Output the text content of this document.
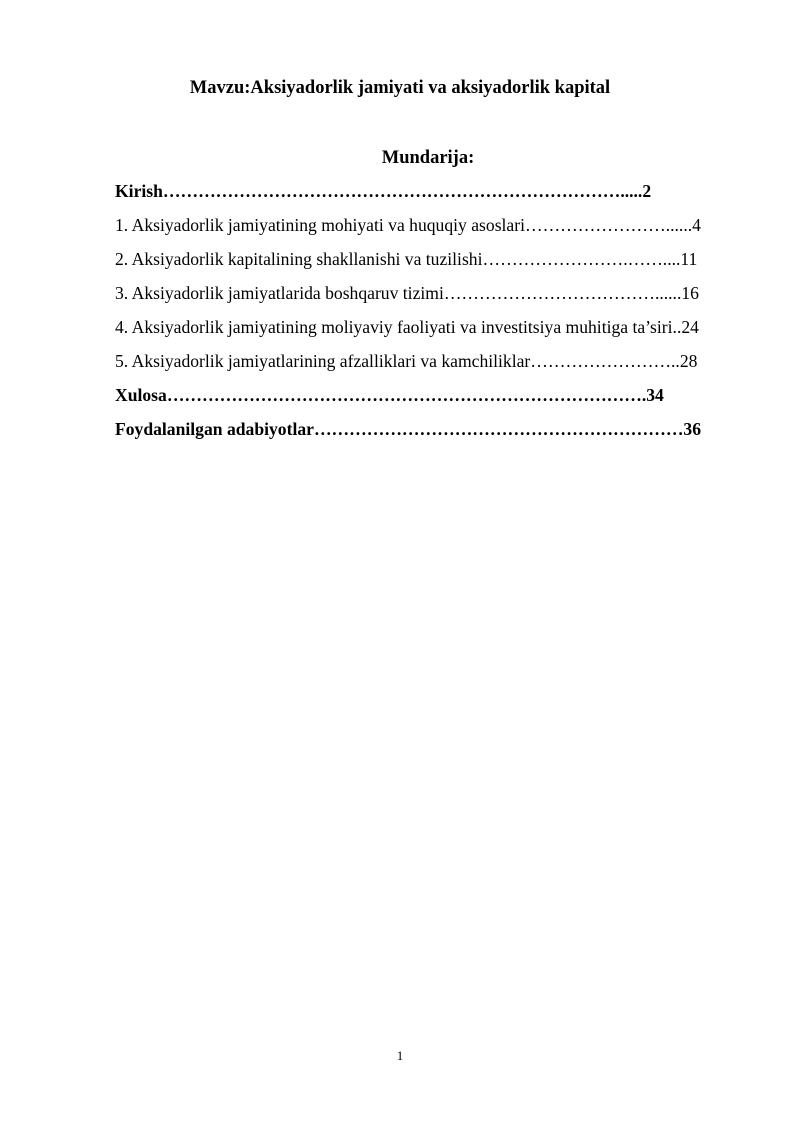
Mavzu:Aksiyadorlik jamiyati va aksiyadorlik kapital
Mundarija:
Kirish…………………………………………………………………….....2
1. Aksiyadorlik jamiyatining mohiyati va huquqiy asoslari……………………......4
2. Aksiyadorlik kapitalining shakllanishi va tuzilishi…………………….……....11
3. Aksiyadorlik jamiyatlarida boshqaruv tizimi………………………………......16
4. Aksiyadorlik jamiyatining moliyaviy faoliyati va investitsiya muhitiga ta’siri..24
5. Aksiyadorlik jamiyatlarining afzalliklari va kamchiliklar……………………..28
Xulosa……………………………………………………………………….34
Foydalanilgan adabiyotlar………………………………………………………36
1
